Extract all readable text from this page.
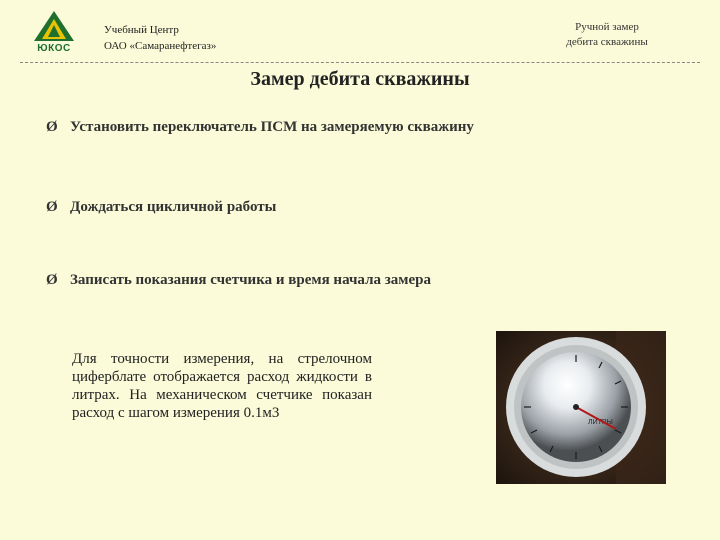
ЮКОС
Учебный Центр
ОАО «Самаранефтегаз»
Ручной замер
дебита скважины
Замер дебита скважины
Ø Установить переключатель ПСМ на замеряемую скважину
Ø Дождаться цикличной работы
Ø Записать показания счетчика и время начала замера
Для точности измерения, на стрелочном циферблате отображается расход жидкости в литрах. На механическом счетчике показан расход с шагом измерения 0.1м3
ЛИТРЫ
